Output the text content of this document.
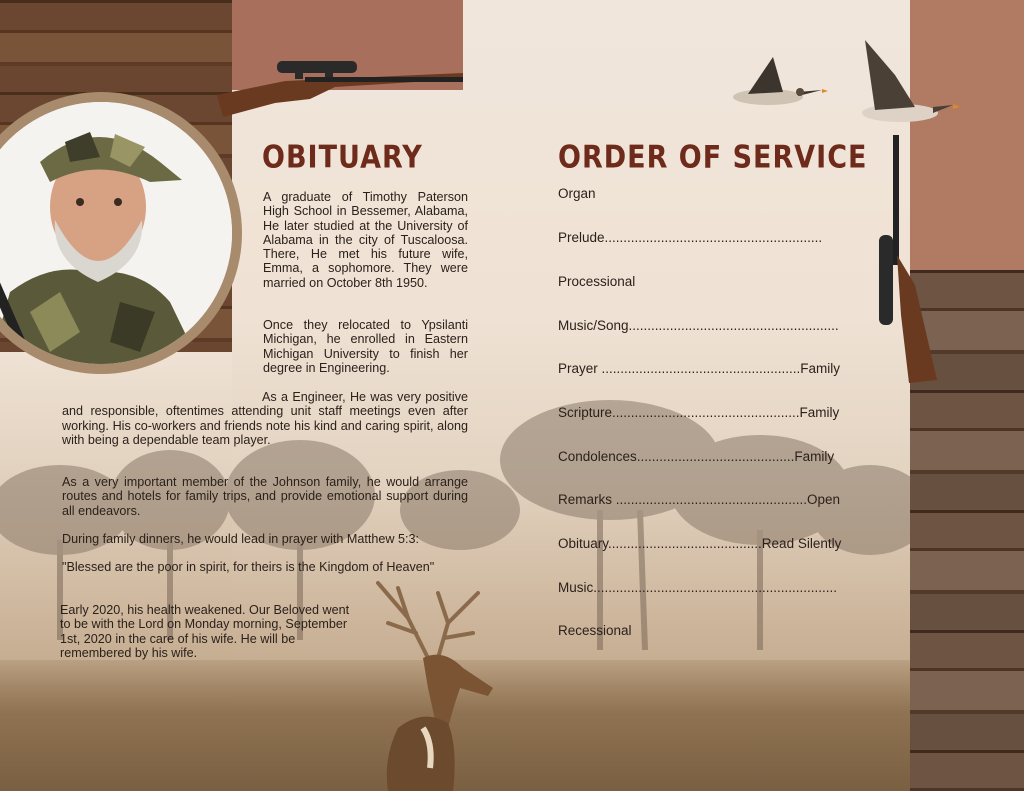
OBITUARY

A graduate of Timothy Paterson High School in Bessemer, Alabama, He later studied at the University of Alabama in the city of Tuscaloosa. There, He met his future wife, Emma, a sophomore. They were married on October 8th 1950.

Once they relocated to Ypsilanti Michigan, he enrolled in Eastern Michigan University to finish her degree in Engineering.

As a Engineer, He was very positive and responsible, oftentimes attending unit staff meetings even after working. His co-workers and friends note his kind and caring spirit, along with being a dependable team player.

As a very important member of the Johnson family, he would arrange routes and hotels for family trips, and provide emotional support during all endeavors.

During family dinners, he would lead in prayer with Matthew 5:3:

"Blessed are the poor in spirit, for theirs is the Kingdom of Heaven"

Early 2020, his health weakened. Our Beloved went to be with the Lord on Monday morning, September 1st, 2020 in the care of his wife. He will be remembered by his wife.

ORDER OF SERVICE
Organ
Prelude..........................................................
Processional
Music/Song........................................................
Prayer .....................................................Family
Scripture..................................................Family
Condolences..........................................Family
Remarks ...................................................Open
Obituary.........................................Read Silently
Music.................................................................
Recessional
